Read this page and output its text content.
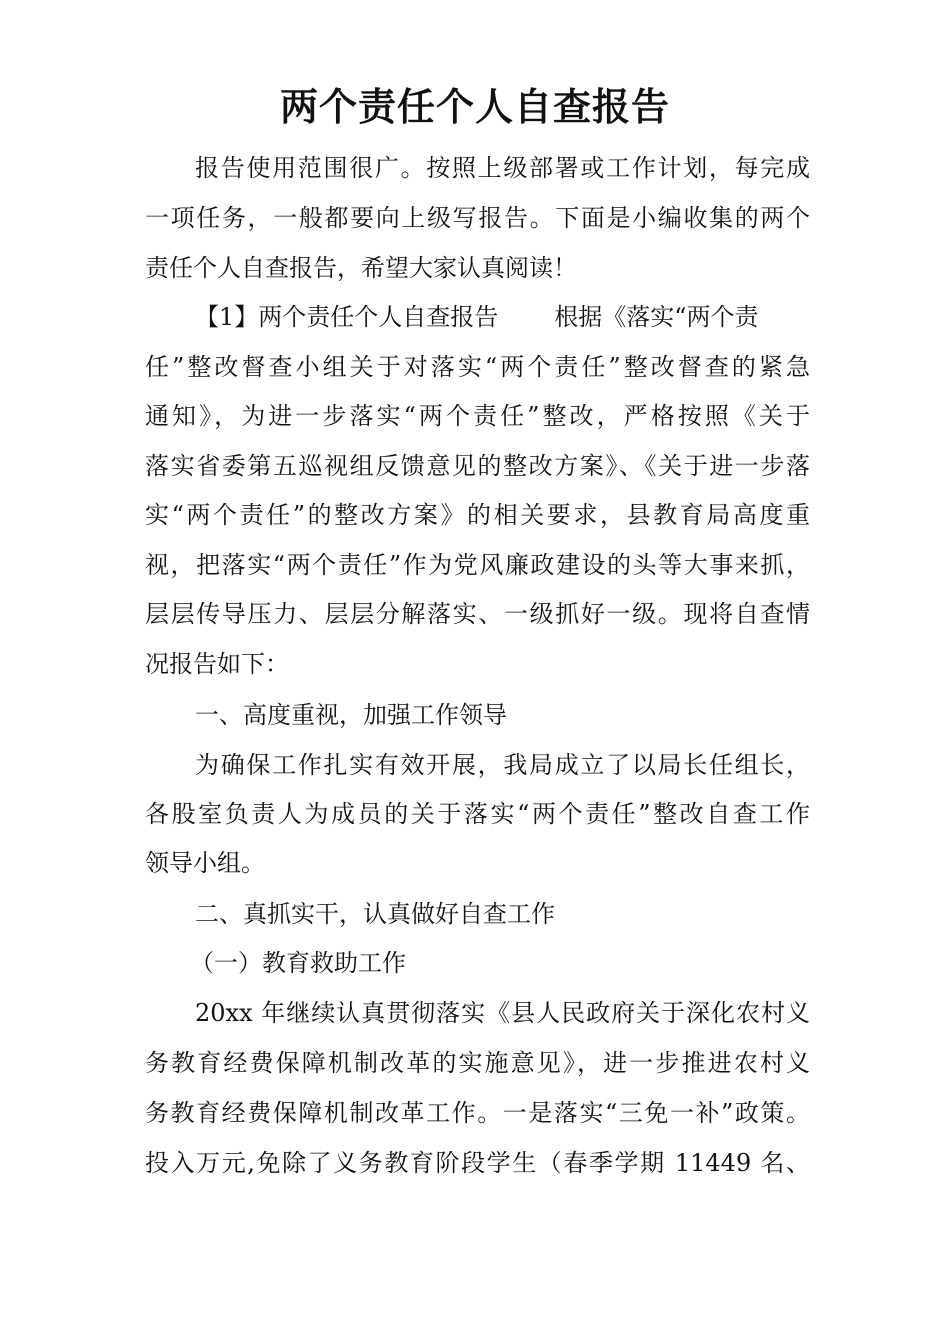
两个责任个人自查报告
报告使用范围很广。按照上级部署或工作计划，每完成
一项任务，一般都要向上级写报告。下面是小编收集的两个
责任个人自查报告，希望大家认真阅读！
【1】两个责任个人自查报告 根据《落实“两个责
任”整改督查小组关于对落实“两个责任”整改督查的紧急
通知》，为进一步落实“两个责任”整改，严格按照《关于
落实省委第五巡视组反馈意见的整改方案》、《关于进一步落
实“两个责任”的整改方案》的相关要求，县教育局高度重
视，把落实“两个责任”作为党风廉政建设的头等大事来抓，
层层传导压力、层层分解落实、一级抓好一级。现将自查情
况报告如下：
一、高度重视，加强工作领导
为确保工作扎实有效开展，我局成立了以局长任组长，
各股室负责人为成员的关于落实“两个责任”整改自查工作
领导小组。
二、真抓实干，认真做好自查工作
（一）教育救助工作
20xx 年继续认真贯彻落实《县人民政府关于深化农村义
务教育经费保障机制改革的实施意见》，进一步推进农村义
务教育经费保障机制改革工作。一是落实“三免一补”政策。
投入万元,免除了义务教育阶段学生（春季学期 11449 名、
